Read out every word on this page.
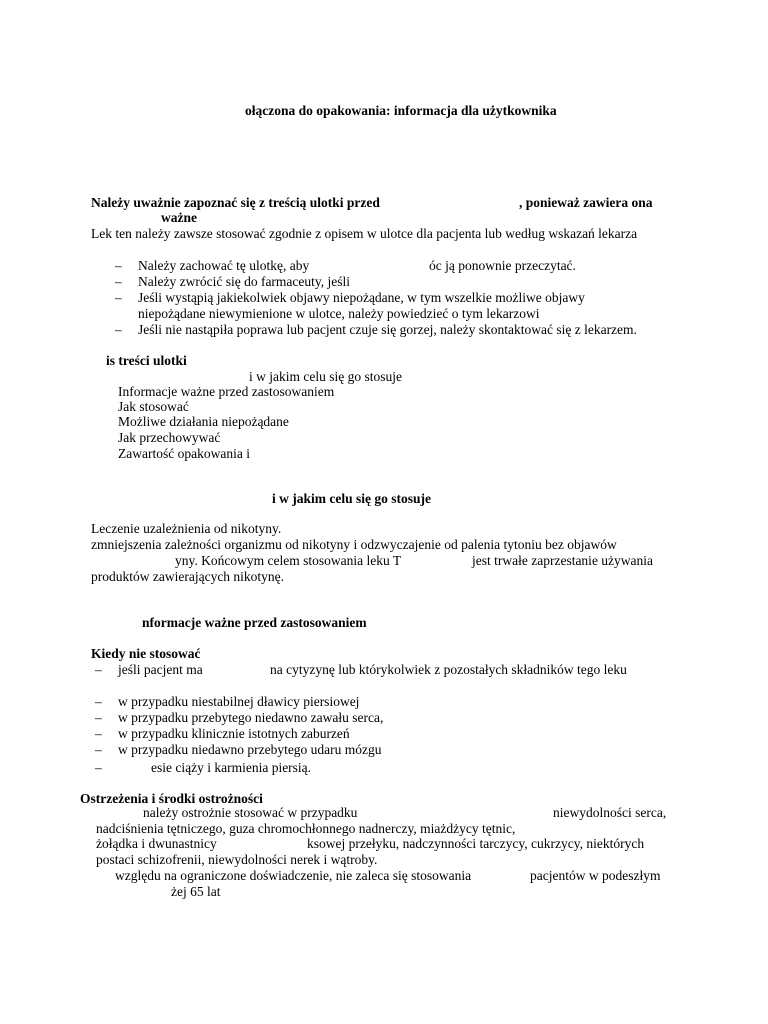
ołączona do opakowania: informacja dla użytkownika
Należy uważnie zapoznać się z treścią ulotki przed	, ponieważ zawiera ona
ważne
Lek ten należy zawsze stosować zgodnie z opisem w ulotce dla pacjenta lub według wskazań lekarza
– Należy zachować tę ulotkę, aby	óc ją ponownie przeczytać.
– Należy zwrócić się do farmaceuty, jeśli
– Jeśli wystąpią jakiekolwiek objawy niepożądane, w tym wszelkie możliwe objawy
niepożądane niewymienione w ulotce, należy powiedzieć o tym lekarzowi
– Jeśli nie nastąpiła poprawa lub pacjent czuje się gorzej, należy skontaktować się z lekarzem.
is treści ulotki
i w jakim celu się go stosuje
Informacje ważne przed zastosowaniem
Jak stosować
Możliwe działania niepożądane
Jak przechowywać
Zawartość opakowania i
i w jakim celu się go stosuje
Leczenie uzależnienia od nikotyny.
zmniejszenia zależności organizmu od nikotyny i odzwyczajenie od palenia tytoniu bez objawów
yny. Końcowym celem stosowania leku T	jest trwałe zaprzestanie używania
produktów zawierających nikotynę.
nformacje ważne przed zastosowaniem
Kiedy nie stosować
– jeśli pacjent ma	na cytyzynę lub którykolwiek z pozostałych składników tego leku
– w przypadku niestabilnej dławicy piersiowej
– w przypadku przebytego niedawno zawału serca,
– w przypadku klinicznie istotnych zaburzeń
– w przypadku niedawno przebytego udaru mózgu
–	esie ciąży i karmienia piersią.
Ostrzeżenia i środki ostrożności
należy ostrożnie stosować w przypadku	niewydolności serca,
nadciśnienia tętniczego, guza chromochłonnego nadnerczy, miażdżycy tętnic,
żołądka i dwunastnicy	ksowej przełyku, nadczynności tarczycy, cukrzycy, niektórych
postaci schizofrenii, niewydolności nerek i wątroby.
względu na ograniczone doświadczenie, nie zaleca się stosowania	pacjentów w podeszłym
żej 65 lat
